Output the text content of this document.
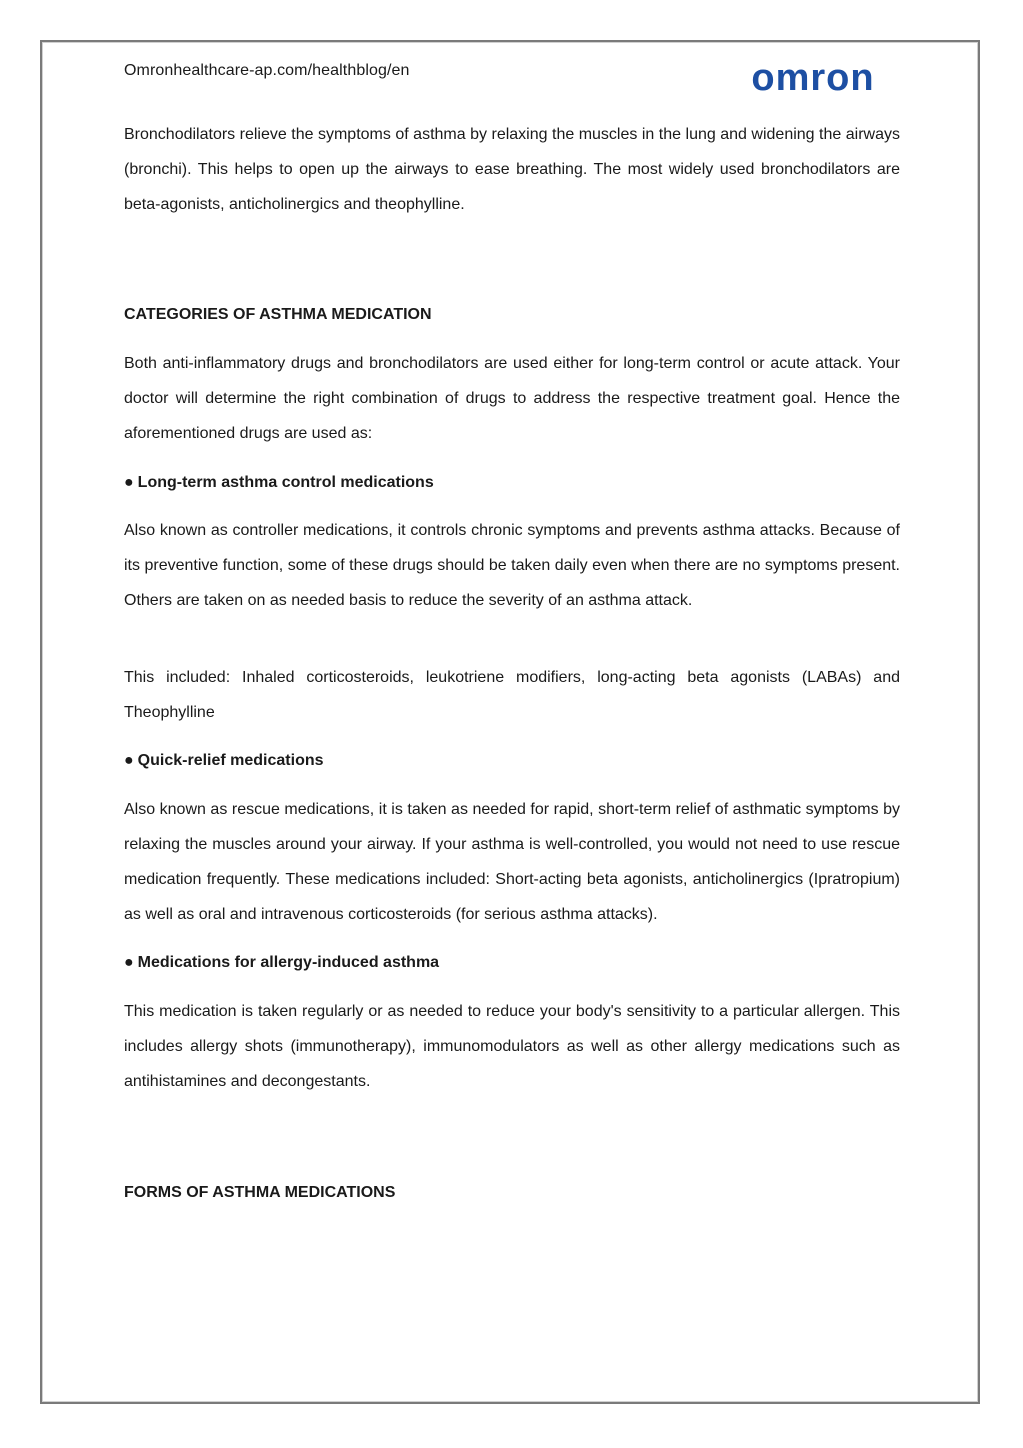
Omronhealthcare-ap.com/healthblog/en	omron

Bronchodilators relieve the symptoms of asthma by relaxing the muscles in the lung and widening the airways (bronchi). This helps to open up the airways to ease breathing. The most widely used bronchodilators are beta-agonists, anticholinergics and theophylline.

CATEGORIES OF ASTHMA MEDICATION

Both anti-inflammatory drugs and bronchodilators are used either for long-term control or acute attack. Your doctor will determine the right combination of drugs to address the respective treatment goal. Hence the aforementioned drugs are used as:

● Long-term asthma control medications

Also known as controller medications, it controls chronic symptoms and prevents asthma attacks. Because of its preventive function, some of these drugs should be taken daily even when there are no symptoms present. Others are taken on as needed basis to reduce the severity of an asthma attack.

This included: Inhaled corticosteroids, leukotriene modifiers, long-acting beta agonists (LABAs) and Theophylline

● Quick-relief medications

Also known as rescue medications, it is taken as needed for rapid, short-term relief of asthmatic symptoms by relaxing the muscles around your airway. If your asthma is well-controlled, you would not need to use rescue medication frequently. These medications included: Short-acting beta agonists, anticholinergics (Ipratropium) as well as oral and intravenous corticosteroids (for serious asthma attacks).

● Medications for allergy-induced asthma

This medication is taken regularly or as needed to reduce your body's sensitivity to a particular allergen. This includes allergy shots (immunotherapy), immunomodulators as well as other allergy medications such as antihistamines and decongestants.

FORMS OF ASTHMA MEDICATIONS
